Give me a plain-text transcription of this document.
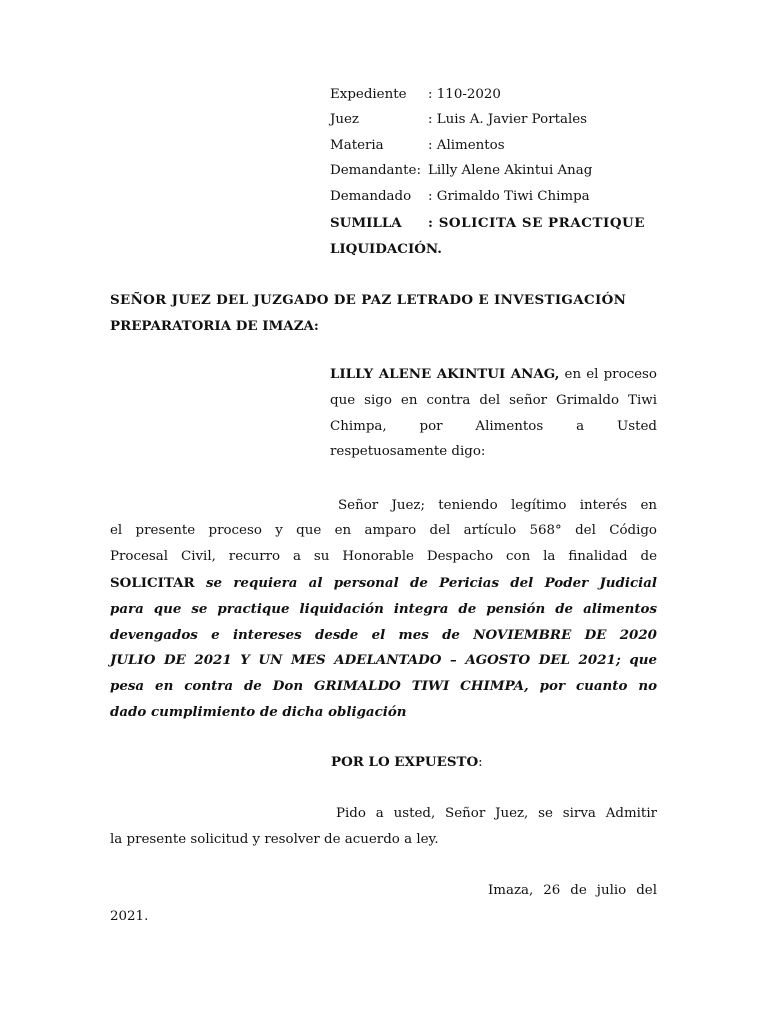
Expediente : 110-2020
Juez	: Luis A. Javier Portales
Materia	: Alimentos
Demandante: Lilly Alene Akintui Anag
Demandado : Grimaldo Tiwi Chimpa
SUMILLA : SOLICITA SE PRACTIQUE
LIQUIDACIÓN.
SEÑOR JUEZ DEL JUZGADO DE PAZ LETRADO E INVESTIGACIÓN
PREPARATORIA DE IMAZA:
LILLY ALENE AKINTUI ANAG, en el proceso que sigo en contra del señor Grimaldo Tiwi Chimpa, por Alimentos a Usted respetuosamente digo:
Señor Juez; teniendo legítimo interés en
el presente proceso y que en amparo del artículo 568° del Código
Procesal Civil, recurro a su Honorable Despacho con la finalidad de
SOLICITAR se requiera al personal de Pericias del Poder Judicial
para que se practique liquidación integra de pensión de alimentos
devengados e intereses desde el mes de NOVIEMBRE DE 2020
JULIO DE 2021 Y UN MES ADELANTADO – AGOSTO DEL 2021; que
pesa en contra de Don GRIMALDO TIWI CHIMPA, por cuanto no
dado cumplimiento de dicha obligación
POR LO EXPUESTO:
Pido a usted, Señor Juez, se sirva Admitir
la presente solicitud y resolver de acuerdo a ley.
Imaza, 26 de julio del
2021.
